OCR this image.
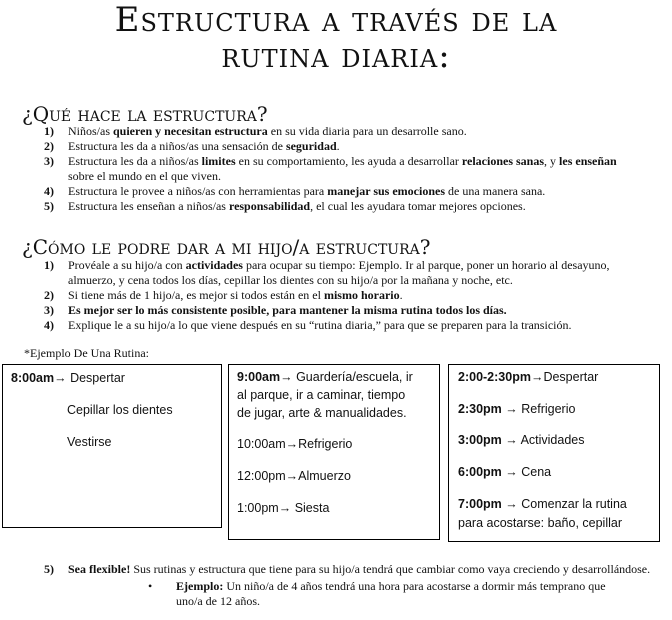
Estructura a través de la
rutina diaria:
¿Qué hace la estructura?
1) Niños/as quieren y necesitan estructura en su vida diaria para un desarrolle sano.
2) Estructura les da a niños/as una sensación de seguridad.
3) Estructura les da a niños/as limites en su comportamiento, les ayuda a desarrollar relaciones sanas, y les enseñan sobre el mundo en el que viven.
4) Estructura le provee a niños/as con herramientas para manejar sus emociones de una manera sana.
5) Estructura les enseñan a niños/as responsabilidad, el cual les ayudara tomar mejores opciones.
¿Cómo le podre dar a mi hijo/a estructura?
1) Provéale a su hijo/a con actividades para ocupar su tiempo: Ejemplo. Ir al parque, poner un horario al desayuno, almuerzo, y cena todos los días, cepillar los dientes con su hijo/a por la mañana y noche, etc.
2) Si tiene más de 1 hijo/a, es mejor si todos están en el mismo horario.
3) Es mejor ser lo más consistente posible, para mantener la misma rutina todos los días.
4) Explique le a su hijo/a lo que viene después en su “rutina diaria,” para que se preparen para la transición.
*Ejemplo De Una Rutina:
8:00am→ Despertar
Cepillar los dientes
Vestirse
9:00am→ Guardería/escuela, ir
al parque, ir a caminar, tiempo
de jugar, arte & manualidades.
10:00am→Refrigerio
12:00pm→Almuerzo
1:00pm→ Siesta
2:00-2:30pm→Despertar
2:30pm → Refrigerio
3:00pm → Actividades
6:00pm → Cena
7:00pm → Comenzar la rutina
para acostarse: baño, cepillar
5) Sea flexible! Sus rutinas y estructura que tiene para su hijo/a tendrá que cambiar como vaya creciendo y desarrollándose.
• Ejemplo: Un niño/a de 4 años tendrá una hora para acostarse a dormir más temprano que uno/a de 12 años.
